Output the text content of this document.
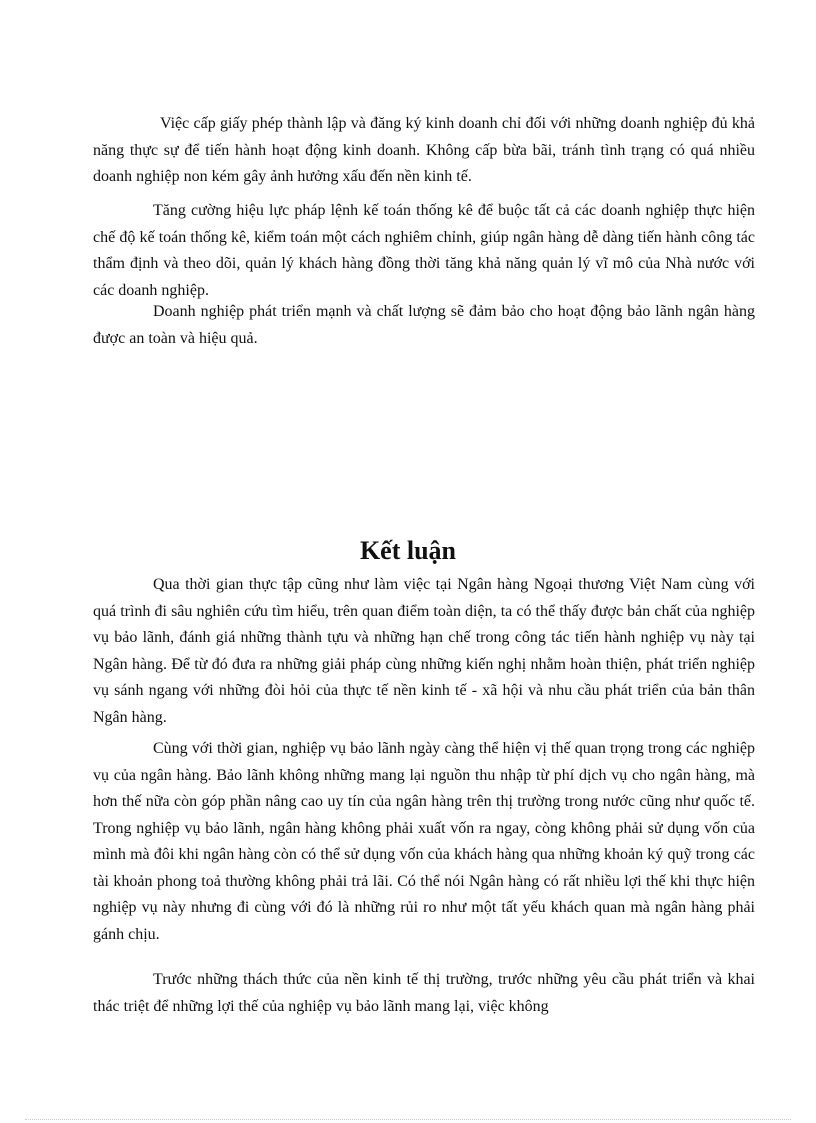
Việc cấp giấy phép thành lập và đăng ký kinh doanh chỉ đối với những doanh nghiệp đủ khả năng thực sự để tiến hành hoạt động kinh doanh. Không cấp bừa bãi, tránh tình trạng có quá nhiều doanh nghiệp non kém gây ảnh hưởng xấu đến nền kinh tế.

Tăng cường hiệu lực pháp lệnh kế toán thống kê để buộc tất cả các doanh nghiệp thực hiện chế độ kế toán thống kê, kiểm toán một cách nghiêm chỉnh, giúp ngân hàng dễ dàng tiến hành công tác thẩm định và theo dõi, quản lý khách hàng đồng thời tăng khả năng quản lý vĩ mô của Nhà nước với các doanh nghiệp.

Doanh nghiệp phát triển mạnh và chất lượng sẽ đảm bảo cho hoạt động bảo lãnh ngân hàng được an toàn và hiệu quả.

Kết luận

Qua thời gian thực tập cũng như làm việc tại Ngân hàng Ngoại thương Việt Nam cùng với quá trình đi sâu nghiên cứu tìm hiểu, trên quan điểm toàn diện, ta có thể thấy được bản chất của nghiệp vụ bảo lãnh, đánh giá những thành tựu và những hạn chế trong công tác tiến hành nghiệp vụ này tại Ngân hàng. Để từ đó đưa ra những giải pháp cùng những kiến nghị nhằm hoàn thiện, phát triển nghiệp vụ sánh ngang với những đòi hỏi của thực tế nền kinh tế - xã hội và nhu cầu phát triển của bản thân Ngân hàng.

Cùng với thời gian, nghiệp vụ bảo lãnh ngày càng thể hiện vị thế quan trọng trong các nghiệp vụ của ngân hàng. Bảo lãnh không những mang lại nguồn thu nhập từ phí dịch vụ cho ngân hàng, mà hơn thế nữa còn góp phần nâng cao uy tín của ngân hàng trên thị trường trong nước cũng như quốc tế. Trong nghiệp vụ bảo lãnh, ngân hàng không phải xuất vốn ra ngay, còng không phải sử dụng vốn của mình mà đôi khi ngân hàng còn có thể sử dụng vốn của khách hàng qua những khoản ký quỹ trong các tài khoản phong toả thường không phải trả lãi. Có thể nói Ngân hàng có rất nhiều lợi thế khi thực hiện nghiệp vụ này nhưng đi cùng với đó là những rủi ro như một tất yếu khách quan mà ngân hàng phải gánh chịu.

Trước những thách thức của nền kinh tế thị trường, trước những yêu cầu phát triển và khai thác triệt để những lợi thế của nghiệp vụ bảo lãnh mang lại, việc không
